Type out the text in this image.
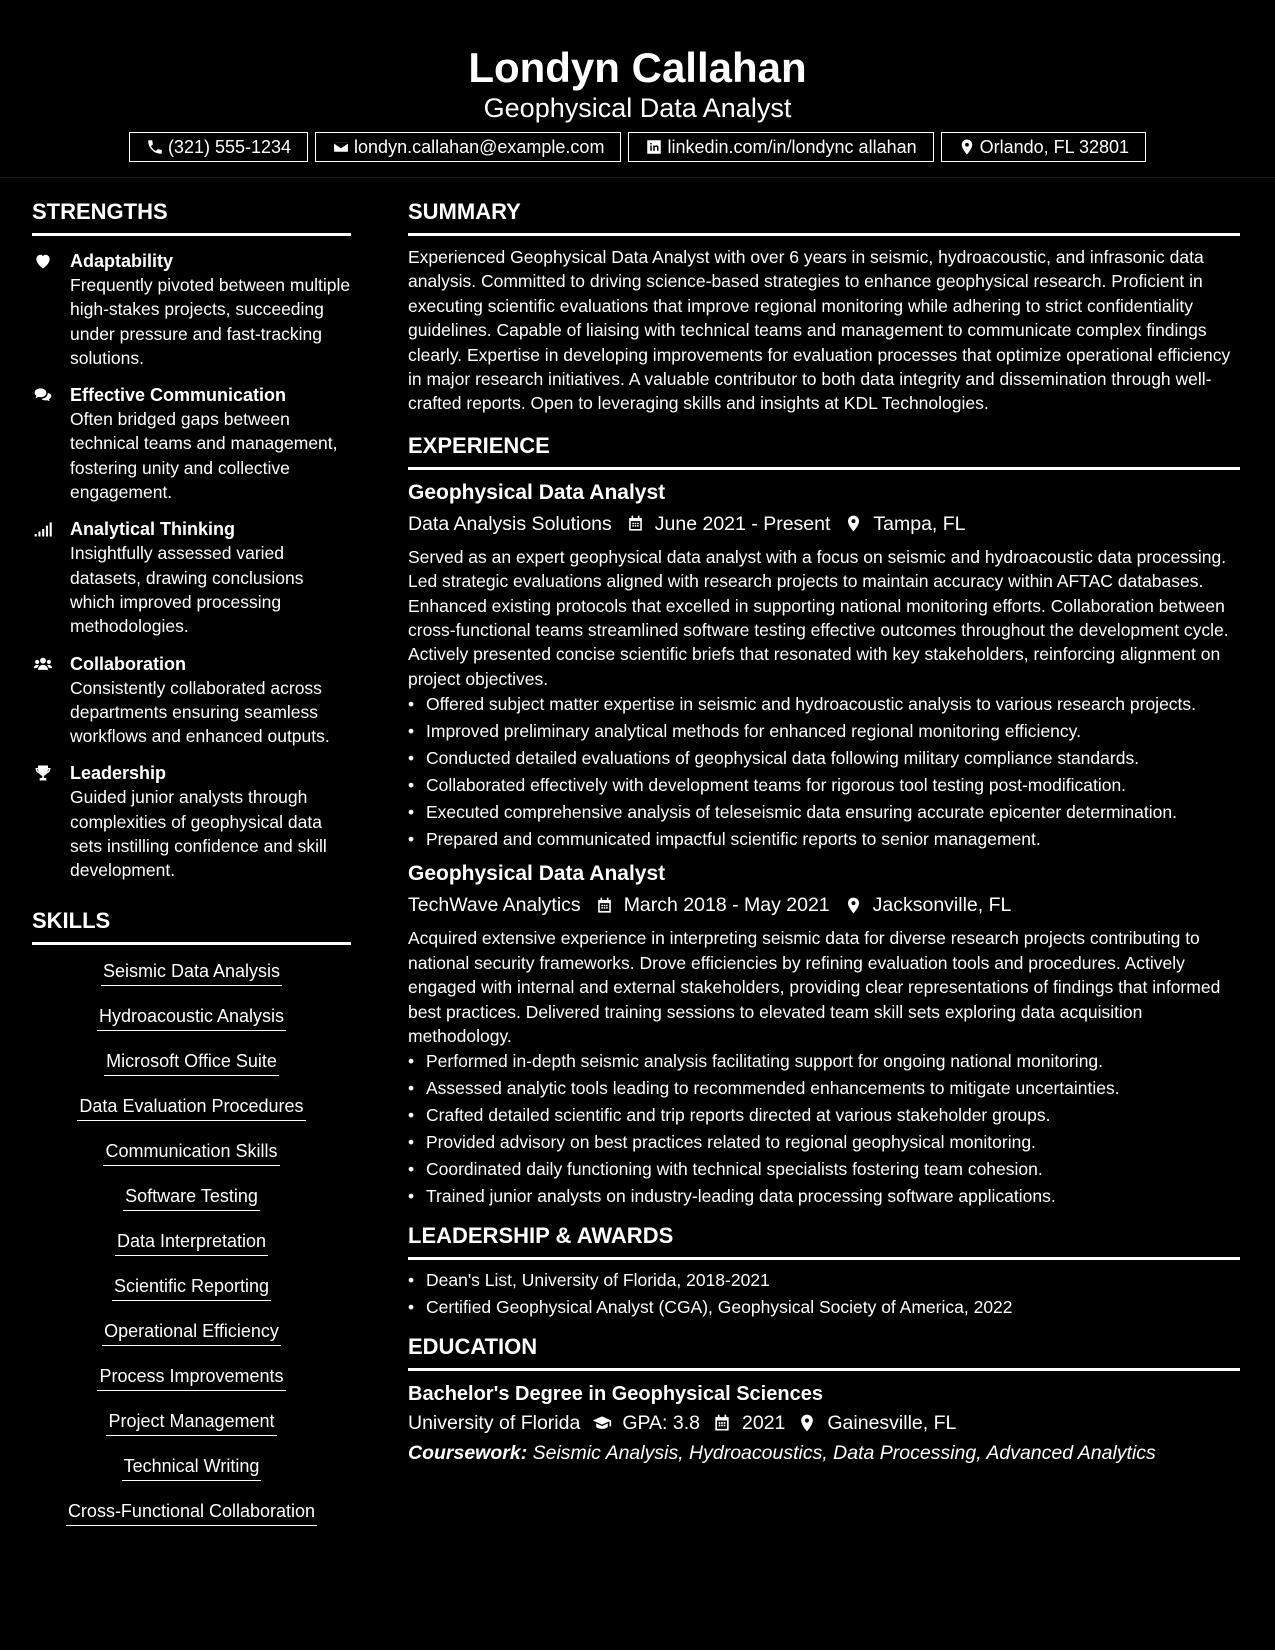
Londyn Callahan
Geophysical Data Analyst
(321) 555-1234	londyn.callahan@example.com	linkedin.com/in/londync allahan	Orlando, FL 32801
STRENGTHS
Adaptability
Frequently pivoted between multiple high-stakes projects, succeeding under pressure and fast-tracking solutions.
Effective Communication
Often bridged gaps between technical teams and management, fostering unity and collective engagement.
Analytical Thinking
Insightfully assessed varied datasets, drawing conclusions which improved processing methodologies.
Collaboration
Consistently collaborated across departments ensuring seamless workflows and enhanced outputs.
Leadership
Guided junior analysts through complexities of geophysical data sets instilling confidence and skill development.
SKILLS
Seismic Data Analysis
Hydroacoustic Analysis
Microsoft Office Suite
Data Evaluation Procedures
Communication Skills
Software Testing
Data Interpretation
Scientific Reporting
Operational Efficiency
Process Improvements
Project Management
Technical Writing
Cross-Functional Collaboration
SUMMARY
Experienced Geophysical Data Analyst with over 6 years in seismic, hydroacoustic, and infrasonic data analysis. Committed to driving science-based strategies to enhance geophysical research. Proficient in executing scientific evaluations that improve regional monitoring while adhering to strict confidentiality guidelines. Capable of liaising with technical teams and management to communicate complex findings clearly. Expertise in developing improvements for evaluation processes that optimize operational efficiency in major research initiatives. A valuable contributor to both data integrity and dissemination through well-crafted reports. Open to leveraging skills and insights at KDL Technologies.
EXPERIENCE
Geophysical Data Analyst
Data Analysis Solutions June 2021 - Present Tampa, FL
Served as an expert geophysical data analyst with a focus on seismic and hydroacoustic data processing. Led strategic evaluations aligned with research projects to maintain accuracy within AFTAC databases. Enhanced existing protocols that excelled in supporting national monitoring efforts. Collaboration between cross-functional teams streamlined software testing effective outcomes throughout the development cycle. Actively presented concise scientific briefs that resonated with key stakeholders, reinforcing alignment on project objectives.
• Offered subject matter expertise in seismic and hydroacoustic analysis to various research projects.
• Improved preliminary analytical methods for enhanced regional monitoring efficiency.
• Conducted detailed evaluations of geophysical data following military compliance standards.
• Collaborated effectively with development teams for rigorous tool testing post-modification.
• Executed comprehensive analysis of teleseismic data ensuring accurate epicenter determination.
• Prepared and communicated impactful scientific reports to senior management.
Geophysical Data Analyst
TechWave Analytics March 2018 - May 2021 Jacksonville, FL
Acquired extensive experience in interpreting seismic data for diverse research projects contributing to national security frameworks. Drove efficiencies by refining evaluation tools and procedures. Actively engaged with internal and external stakeholders, providing clear representations of findings that informed best practices. Delivered training sessions to elevated team skill sets exploring data acquisition methodology.
• Performed in-depth seismic analysis facilitating support for ongoing national monitoring.
• Assessed analytic tools leading to recommended enhancements to mitigate uncertainties.
• Crafted detailed scientific and trip reports directed at various stakeholder groups.
• Provided advisory on best practices related to regional geophysical monitoring.
• Coordinated daily functioning with technical specialists fostering team cohesion.
• Trained junior analysts on industry-leading data processing software applications.
LEADERSHIP & AWARDS
• Dean's List, University of Florida, 2018-2021
• Certified Geophysical Analyst (CGA), Geophysical Society of America, 2022
EDUCATION
Bachelor's Degree in Geophysical Sciences
University of Florida GPA: 3.8 2021 Gainesville, FL
Coursework: Seismic Analysis, Hydroacoustics, Data Processing, Advanced Analytics
